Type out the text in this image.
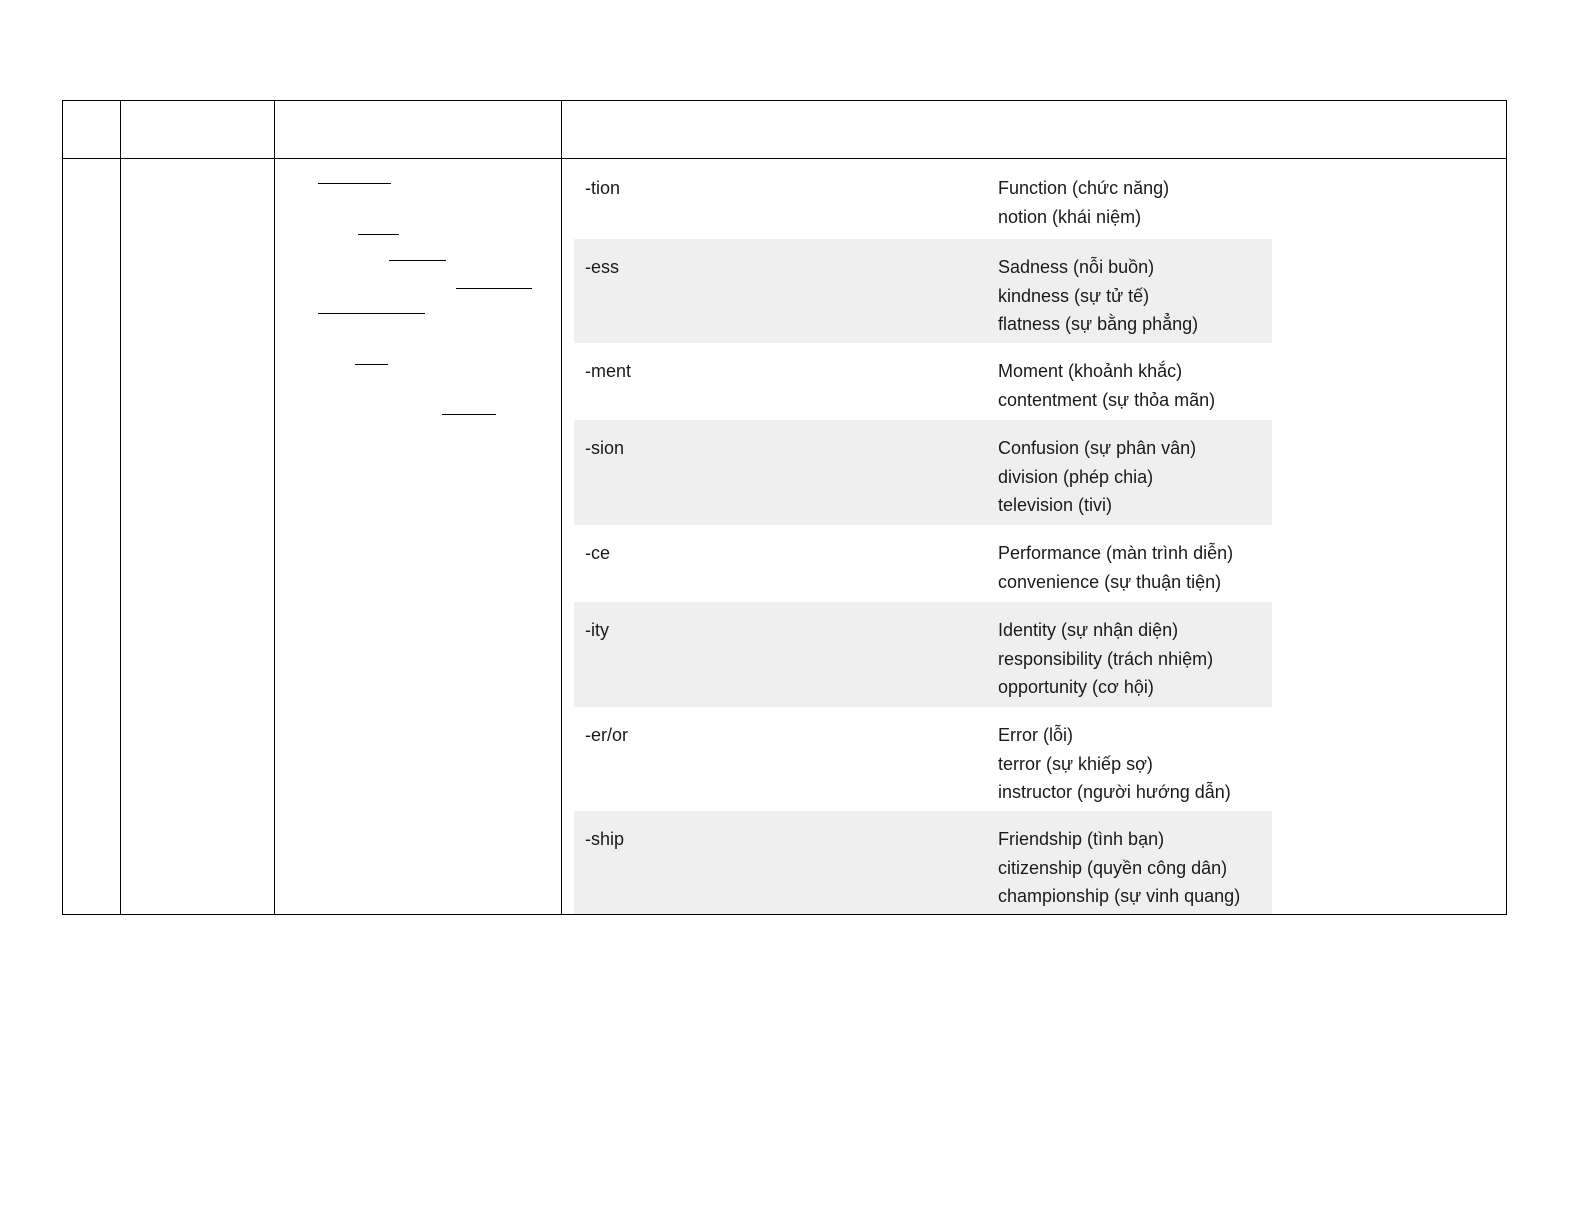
-tion	Function (chức năng)
notion (khái niệm)
-ess	Sadness (nỗi buồn)
kindness (sự tử tế)
flatness (sự bằng phẳng)
-ment	Moment (khoảnh khắc)
contentment (sự thỏa mãn)
-sion	Confusion (sự phân vân)
division (phép chia)
television (tivi)
-ce	Performance (màn trình diễn)
convenience (sự thuận tiện)
-ity	Identity (sự nhận diện)
responsibility (trách nhiệm)
opportunity (cơ hội)
-er/or	Error (lỗi)
terror (sự khiếp sợ)
instructor (người hướng dẫn)
-ship	Friendship (tình bạn)
citizenship (quyền công dân)
championship (sự vinh quang)
